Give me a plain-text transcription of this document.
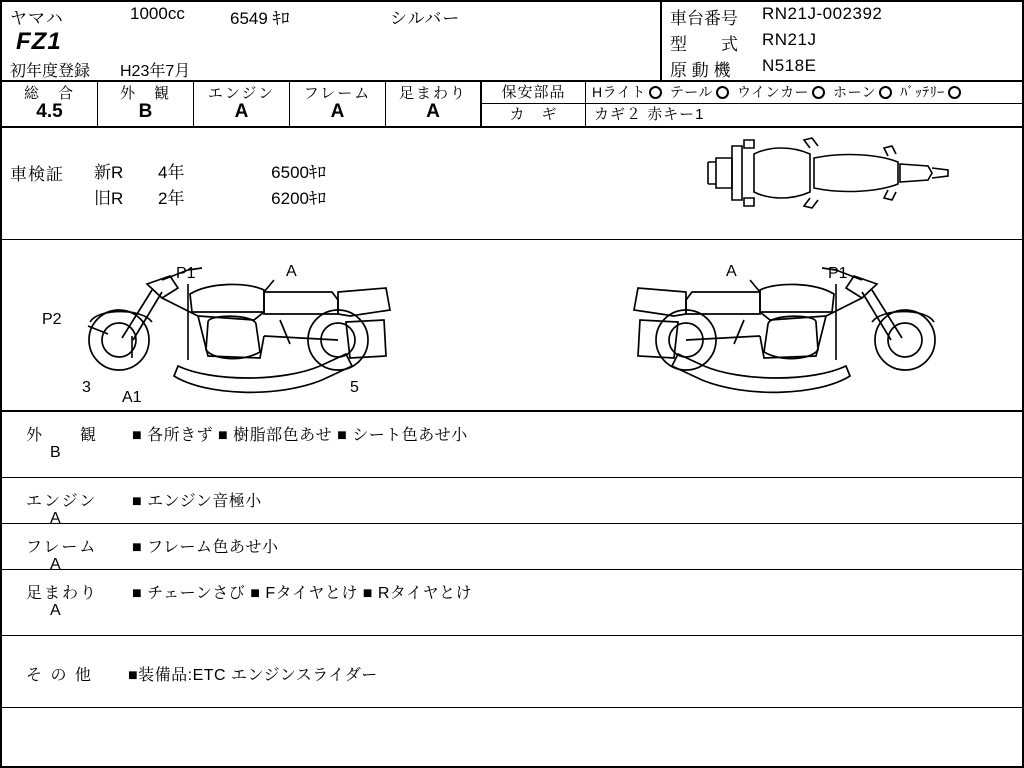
ヤマハ	1000cc	6549 ｷﾛ	シルバー
FZ1
初年度登録 H23年7月
車台番号 RN21J-002392
型　　式 RN21J
原 動 機 N518E
総　合
4.5
外　観
B
エンジン
A
フレーム
A
足まわり
A
保安部品	Hライト テール ウインカー ホーン ﾊﾞｯﾃﾘｰ
カ　ギ	カギ２ 赤キー1
車検証 新R 4年	6500ｷﾛ
旧R 2年	6200ｷﾛ
P1	A
P2
3
A1
5
A	P1
外　　観
B
■ 各所きず ■ 樹脂部色あせ ■ シート色あせ小
エンジン
A
■ エンジン音極小
フレーム
A
■ フレーム色あせ小
足まわり
A
■ チェーンさび ■ Fタイヤとけ ■ Rタイヤとけ
そ の 他 ■装備品:ETC エンジンスライダー
